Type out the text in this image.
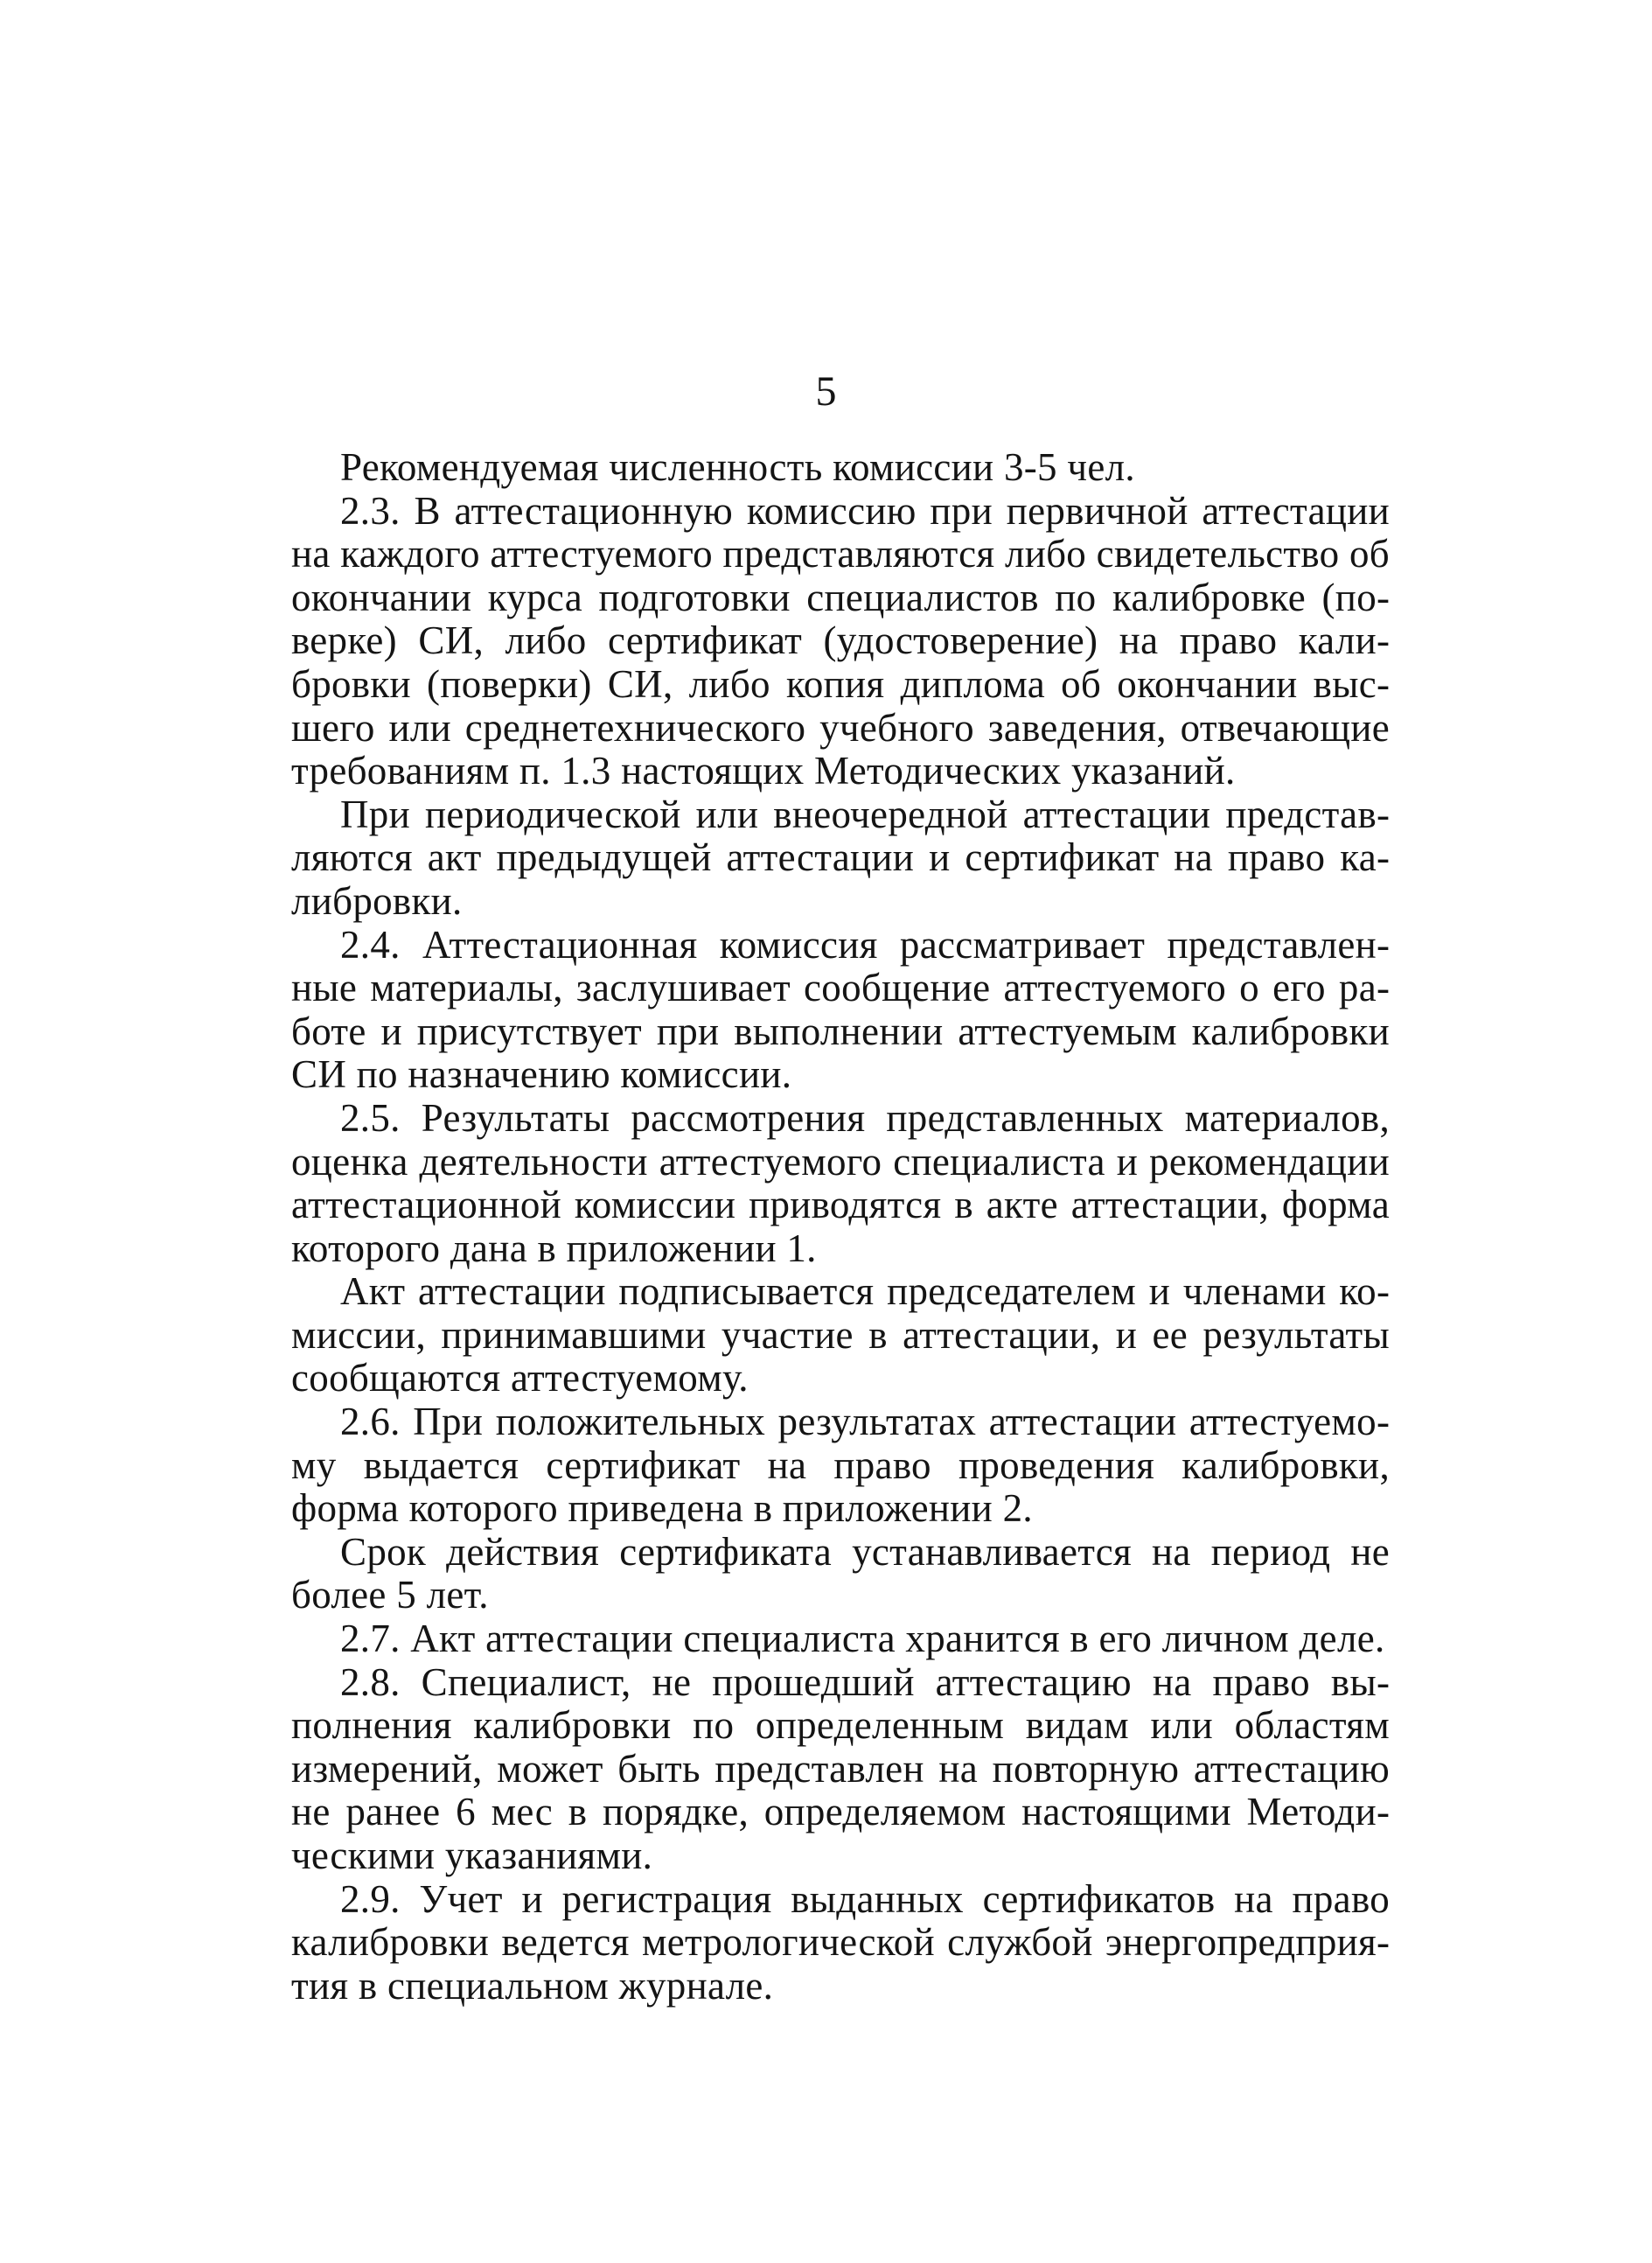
5

Рекомендуемая численность комиссии 3-5 чел.

2.3. В аттестационную комиссию при первичной аттестации на каждого аттестуемого представляются либо свидетельство об окончании курса подготовки специалистов по калибровке (поверке) СИ, либо сертификат (удостоверение) на право калибровки (поверки) СИ, либо копия диплома об окончании высшего или среднетехнического учебного заведения, отвечающие требованиям п. 1.3 настоящих Методических указаний.

При периодической или внеочередной аттестации представляются акт предыдущей аттестации и сертификат на право калибровки.

2.4. Аттестационная комиссия рассматривает представленные материалы, заслушивает сообщение аттестуемого о его работе и присутствует при выполнении аттестуемым калибровки СИ по назначению комиссии.

2.5. Результаты рассмотрения представленных материалов, оценка деятельности аттестуемого специалиста и рекомендации аттестационной комиссии приводятся в акте аттестации, форма которого дана в приложении 1.

Акт аттестации подписывается председателем и членами комиссии, принимавшими участие в аттестации, и ее результаты сообщаются аттестуемому.

2.6. При положительных результатах аттестации аттестуемому выдается сертификат на право проведения калибровки, форма которого приведена в приложении 2.

Срок действия сертификата устанавливается на период не более 5 лет.

2.7. Акт аттестации специалиста хранится в его личном деле.

2.8. Специалист, не прошедший аттестацию на право выполнения калибровки по определенным видам или областям измерений, может быть представлен на повторную аттестацию не ранее 6 мес в порядке, определяемом настоящими Методическими указаниями.

2.9. Учет и регистрация выданных сертификатов на право калибровки ведется метрологической службой энергопредприятия в специальном журнале.
